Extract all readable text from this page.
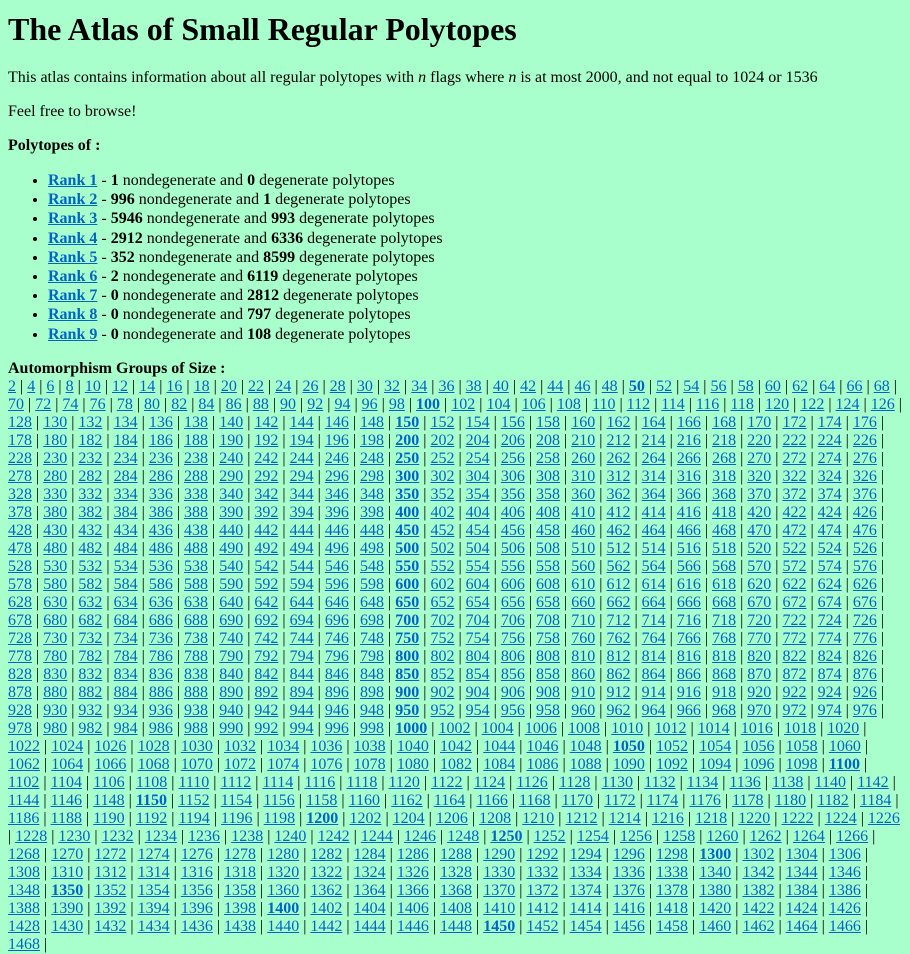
The Atlas of Small Regular Polytopes

This atlas contains information about all regular polytopes with n flags where n is at most 2000, and not equal to 1024 or 1536

Feel free to browse!

Polytopes of :

• Rank 1 - 1 nondegenerate and 0 degenerate polytopes
• Rank 2 - 996 nondegenerate and 1 degenerate polytopes
• Rank 3 - 5946 nondegenerate and 993 degenerate polytopes
• Rank 4 - 2912 nondegenerate and 6336 degenerate polytopes
• Rank 5 - 352 nondegenerate and 8599 degenerate polytopes
• Rank 6 - 2 nondegenerate and 6119 degenerate polytopes
• Rank 7 - 0 nondegenerate and 2812 degenerate polytopes
• Rank 8 - 0 nondegenerate and 797 degenerate polytopes
• Rank 9 - 0 nondegenerate and 108 degenerate polytopes
Automorphism Groups of Size :
2 | 4 | 6 | 8 | 10 | 12 | 14 | 16 | 18 | 20 | 22 | 24 | 26 | 28 | 30 | 32 | 34 | 36 | 38 | 40 | 42 | 44 | 46 | 48 | 50 | 52 | 54 | 56 | 58 | 60 | 62 | 64 | 66 | 68 | 70 | 72 | 74 | 76 | 78 | 80 | 82 | 84 | 86 | 88 | 90 | 92 | 94 | 96 | 98 | 100 | 102 | 104 | 106 | 108 | 110 | 112 | 114 | 116 | 118 | 120 | 122 | 124 | 126 | 128 | 130 | 132 | 134 | 136 | 138 | 140 | 142 | 144 | 146 | 148 | 150 | 152 | 154 | 156 | 158 | 160 | 162 | 164 | 166 | 168 | 170 | 172 | 174 | 176 | 178 | 180 | 182 | 184 | 186 | 188 | 190 | 192 | 194 | 196 | 198 | 200 | 202 | 204 | 206 | 208 | 210 | 212 | 214 | 216 | 218 | 220 | 222 | 224 | 226 | 228 | 230 | 232 | 234 | 236 | 238 | 240 | 242 | 244 | 246 | 248 | 250 | 252 | 254 | 256 | 258 | 260 | 262 | 264 | 266 | 268 | 270 | 272 | 274 | 276 | 278 | 280 | 282 | 284 | 286 | 288 | 290 | 292 | 294 | 296 | 298 | 300 | 302 | 304 | 306 | 308 | 310 | 312 | 314 | 316 | 318 | 320 | 322 | 324 | 326 | 328 | 330 | 332 | 334 | 336 | 338 | 340 | 342 | 344 | 346 | 348 | 350 | 352 | 354 | 356 | 358 | 360 | 362 | 364 | 366 | 368 | 370 | 372 | 374 | 376 | 378 | 380 | 382 | 384 | 386 | 388 | 390 | 392 | 394 | 396 | 398 | 400 | 402 | 404 | 406 | 408 | 410 | 412 | 414 | 416 | 418 | 420 | 422 | 424 | 426 | 428 | 430 | 432 | 434 | 436 | 438 | 440 | 442 | 444 | 446 | 448 | 450 | 452 | 454 | 456 | 458 | 460 | 462 | 464 | 466 | 468 | 470 | 472 | 474 | 476 | 478 | 480 | 482 | 484 | 486 | 488 | 490 | 492 | 494 | 496 | 498 | 500 | 502 | 504 | 506 | 508 | 510 | 512 | 514 | 516 | 518 | 520 | 522 | 524 | 526 | 528 | 530 | 532 | 534 | 536 | 538 | 540 | 542 | 544 | 546 | 548 | 550 | 552 | 554 | 556 | 558 | 560 | 562 | 564 | 566 | 568 | 570 | 572 | 574 | 576 | 578 | 580 | 582 | 584 | 586 | 588 | 590 | 592 | 594 | 596 | 598 | 600 | 602 | 604 | 606 | 608 | 610 | 612 | 614 | 616 | 618 | 620 | 622 | 624 | 626 | 628 | 630 | 632 | 634 | 636 | 638 | 640 | 642 | 644 | 646 | 648 | 650 | 652 | 654 | 656 | 658 | 660 | 662 | 664 | 666 | 668 | 670 | 672 | 674 | 676 | 678 | 680 | 682 | 684 | 686 | 688 | 690 | 692 | 694 | 696 | 698 | 700 | 702 | 704 | 706 | 708 | 710 | 712 | 714 | 716 | 718 | 720 | 722 | 724 | 726 | 728 | 730 | 732 | 734 | 736 | 738 | 740 | 742 | 744 | 746 | 748 | 750 | 752 | 754 | 756 | 758 | 760 | 762 | 764 | 766 | 768 | 770 | 772 | 774 | 776 | 778 | 780 | 782 | 784 | 786 | 788 | 790 | 792 | 794 | 796 | 798 | 800 | 802 | 804 | 806 | 808 | 810 | 812 | 814 | 816 | 818 | 820 | 822 | 824 | 826 | 828 | 830 | 832 | 834 | 836 | 838 | 840 | 842 | 844 | 846 | 848 | 850 | 852 | 854 | 856 | 858 | 860 | 862 | 864 | 866 | 868 | 870 | 872 | 874 | 876 | 878 | 880 | 882 | 884 | 886 | 888 | 890 | 892 | 894 | 896 | 898 | 900 | 902 | 904 | 906 | 908 | 910 | 912 | 914 | 916 | 918 | 920 | 922 | 924 | 926 | 928 | 930 | 932 | 934 | 936 | 938 | 940 | 942 | 944 | 946 | 948 | 950 | 952 | 954 | 956 | 958 | 960 | 962 | 964 | 966 | 968 | 970 | 972 | 974 | 976 | 978 | 980 | 982 | 984 | 986 | 988 | 990 | 992 | 994 | 996 | 998 | 1000 | 1002 | 1004 | 1006 | 1008 | 1010 | 1012 | 1014 | 1016 | 1018 | 1020 | 1022 | 1024 | 1026 | 1028 | 1030 | 1032 | 1034 | 1036 | 1038 | 1040 | 1042 | 1044 | 1046 | 1048 | 1050 | 1052 | 1054 | 1056 | 1058 | 1060 | 1062 | 1064 | 1066 | 1068 | 1070 | 1072 | 1074 | 1076 | 1078 | 1080 | 1082 | 1084 | 1086 | 1088 | 1090 | 1092 | 1094 | 1096 | 1098 | 1100 | 1102 | 1104 | 1106 | 1108 | 1110 | 1112 | 1114 | 1116 | 1118 | 1120 | 1122 | 1124 | 1126 | 1128 | 1130 | 1132 | 1134 | 1136 | 1138 | 1140 | 1142 | 1144 | 1146 | 1148 | 1150 | 1152 | 1154 | 1156 | 1158 | 1160 | 1162 | 1164 | 1166 | 1168 | 1170 | 1172 | 1174 | 1176 | 1178 | 1180 | 1182 | 1184 | 1186 | 1188 | 1190 | 1192 | 1194 | 1196 | 1198 | 1200 | 1202 | 1204 | 1206 | 1208 | 1210 | 1212 | 1214 | 1216 | 1218 | 1220 | 1222 | 1224 | 1226 | 1228 | 1230 | 1232 | 1234 | 1236 | 1238 | 1240 | 1242 | 1244 | 1246 | 1248 | 1250 | 1252 | 1254 | 1256 | 1258 | 1260 | 1262 | 1264 | 1266 | 1268 | 1270 | 1272 | 1274 | 1276 | 1278 | 1280 | 1282 | 1284 | 1286 | 1288 | 1290 | 1292 | 1294 | 1296 | 1298 | 1300 | 1302 | 1304 | 1306 | 1308 | 1310 | 1312 | 1314 | 1316 | 1318 | 1320 | 1322 | 1324 | 1326 | 1328 | 1330 | 1332 | 1334 | 1336 | 1338 | 1340 | 1342 | 1344 | 1346 | 1348 | 1350 | 1352 | 1354 | 1356 | 1358 | 1360 | 1362 | 1364 | 1366 | 1368 | 1370 | 1372 | 1374 | 1376 | 1378 | 1380 | 1382 | 1384 | 1386 | 1388 | 1390 | 1392 | 1394 | 1396 | 1398 | 1400 | 1402 | 1404 | 1406 | 1408 | 1410 | 1412 | 1414 | 1416 | 1418 | 1420 | 1422 | 1424 | 1426 | 1428 | 1430 | 1432 | 1434 | 1436 | 1438 | 1440 | 1442 | 1444 | 1446 | 1448 | 1450 | 1452 | 1454 | 1456 | 1458 | 1460 | 1462 | 1464 | 1466 | 1468 |
